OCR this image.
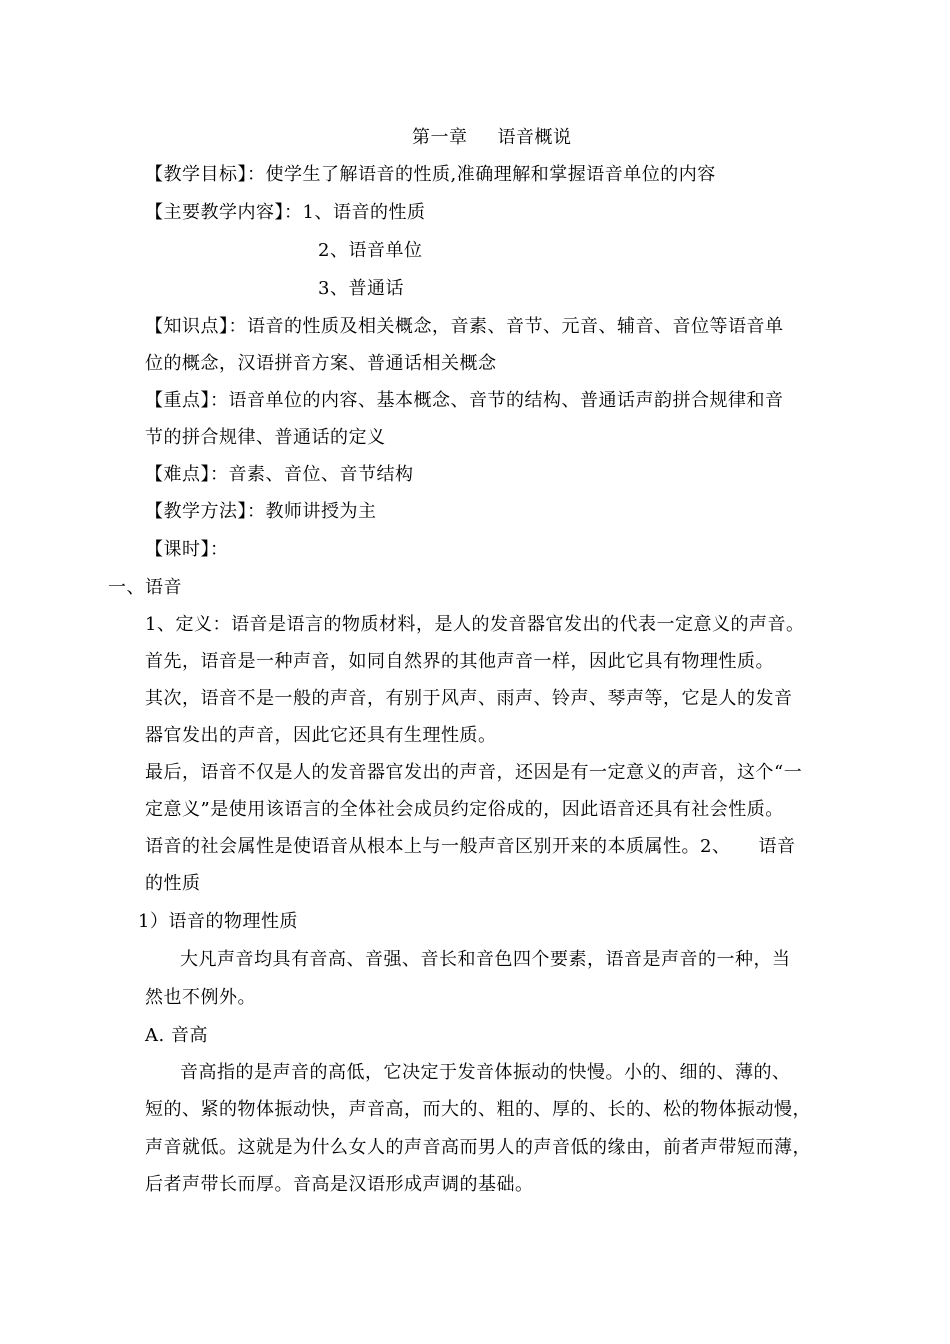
第一章 语音概说
【教学目标】：使学生了解语音的性质,准确理解和掌握语音单位的内容
【主要教学内容】：1、语音的性质
2、语音单位
3、普通话
【知识点】：语音的性质及相关概念，音素、音节、元音、辅音、音位等语音单
位的概念，汉语拼音方案、普通话相关概念
【重点】：语音单位的内容、基本概念、音节的结构、普通话声韵拼合规律和音
节的拼合规律、普通话的定义
【难点】：音素、音位、音节结构
【教学方法】：教师讲授为主
【课时】：
一、语音
1、定义：语音是语言的物质材料，是人的发音器官发出的代表一定意义的声音。
首先，语音是一种声音，如同自然界的其他声音一样，因此它具有物理性质。
其次，语音不是一般的声音，有别于风声、雨声、铃声、琴声等，它是人的发音
器官发出的声音，因此它还具有生理性质。
最后，语音不仅是人的发音器官发出的声音，还因是有一定意义的声音，这个“一
定意义”是使用该语言的全体社会成员约定俗成的，因此语音还具有社会性质。
语音的社会属性是使语音从根本上与一般声音区别开来的本质属性。2、　　语音
的性质
1）语音的物理性质
大凡声音均具有音高、音强、音长和音色四个要素，语音是声音的一种，当
然也不例外。
A. 音高
音高指的是声音的高低，它决定于发音体振动的快慢。小的、细的、薄的、
短的、紧的物体振动快，声音高，而大的、粗的、厚的、长的、松的物体振动慢，
声音就低。这就是为什么女人的声音高而男人的声音低的缘由，前者声带短而薄，
后者声带长而厚。音高是汉语形成声调的基础。
